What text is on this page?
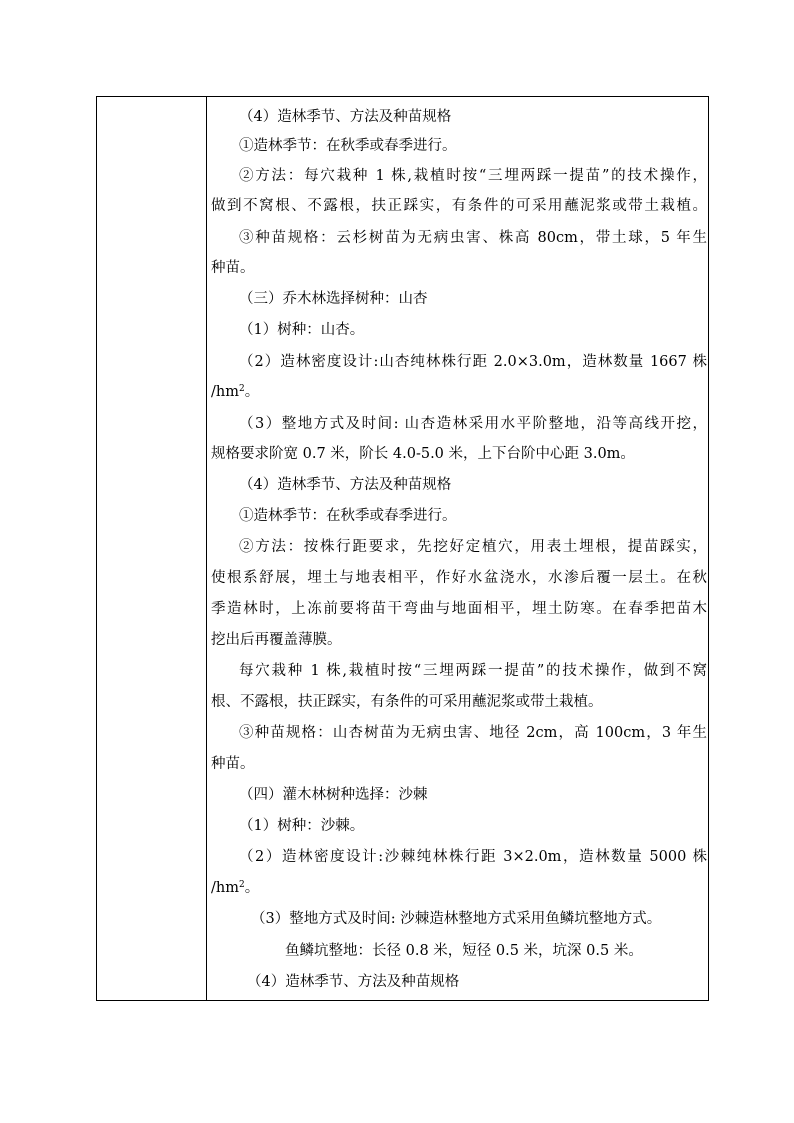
（4）造林季节、方法及种苗规格
①造林季节：在秋季或春季进行。
②方法：每穴栽种 1 株,栽植时按“三埋两踩一提苗”的技术操作，
做到不窝根、不露根，扶正踩实，有条件的可采用蘸泥浆或带土栽植。
③种苗规格：云杉树苗为无病虫害、株高 80cm，带土球，5 年生
种苗。
（三）乔木林选择树种：山杏
（1）树种：山杏。
（2）造林密度设计:山杏纯林株行距 2.0×3.0m，造林数量 1667 株
$/hm^2$。
（3）整地方式及时间: 山杏造林采用水平阶整地，沿等高线开挖，
规格要求阶宽 0.7 米，阶长 4.0-5.0 米，上下台阶中心距 3.0m。
（4）造林季节、方法及种苗规格
①造林季节：在秋季或春季进行。
②方法：按株行距要求，先挖好定植穴，用表土埋根，提苗踩实，
使根系舒展，埋土与地表相平，作好水盆浇水，水渗后覆一层土。在秋
季造林时，上冻前要将苗干弯曲与地面相平，埋土防寒。在春季把苗木
挖出后再覆盖薄膜。
每穴栽种 1 株,栽植时按“三埋两踩一提苗”的技术操作，做到不窝
根、不露根，扶正踩实，有条件的可采用蘸泥浆或带土栽植。
③种苗规格：山杏树苗为无病虫害、地径 2cm，高 100cm，3 年生
种苗。
（四）灌木林树种选择：沙棘
（1）树种：沙棘。
（2）造林密度设计:沙棘纯林株行距 3×2.0m，造林数量 5000 株
$/hm^2$。
（3）整地方式及时间: 沙棘造林整地方式采用鱼鳞坑整地方式。
鱼鳞坑整地：长径 0.8 米，短径 0.5 米，坑深 0.5 米。
（4）造林季节、方法及种苗规格
